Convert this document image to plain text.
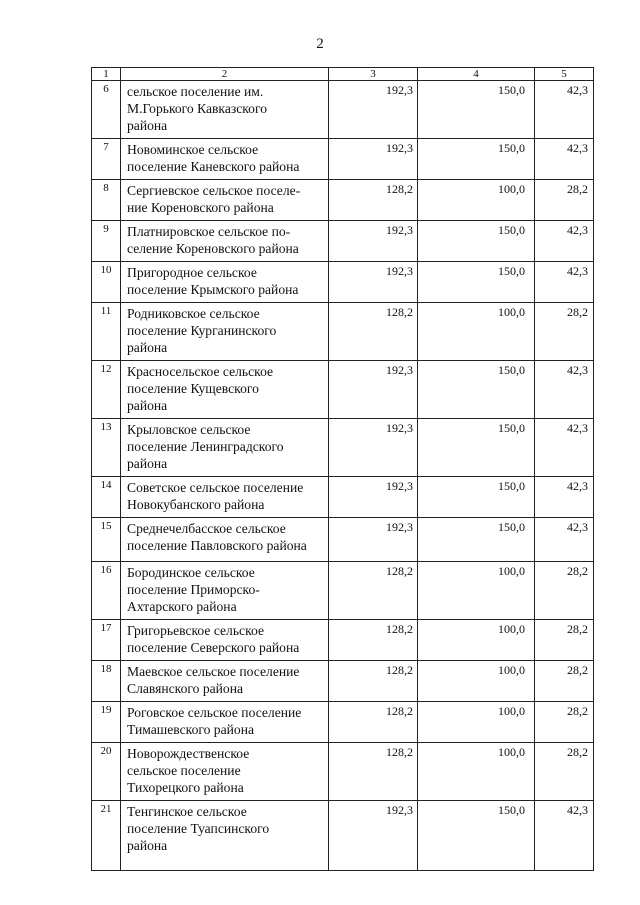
2
1	2	3	4	5
6	сельское поселение им.
М.Горького Кавказского
района	192,3	150,0	42,3
7	Новоминское сельское
поселение Каневского района	192,3	150,0	42,3
8	Сергиевское сельское поселе-
ние Кореновского района	128,2	100,0	28,2
9	Платнировское сельское по-
селение Кореновского района	192,3	150,0	42,3
10	Пригородное сельское
поселение Крымского района	192,3	150,0	42,3
11	Родниковское сельское
поселение Курганинского
района	128,2	100,0	28,2
12	Красносельское сельское
поселение Кущевского
района	192,3	150,0	42,3
13	Крыловское сельское
поселение Ленинградского
района	192,3	150,0	42,3
14	Советское сельское поселение
Новокубанского района	192,3	150,0	42,3
15	Среднечелбасское сельское
поселение Павловского района	192,3	150,0	42,3
16	Бородинское сельское
поселение Приморско-
Ахтарского района	128,2	100,0	28,2
17	Григорьевское сельское
поселение Северского района	128,2	100,0	28,2
18	Маевское сельское поселение
Славянского района	128,2	100,0	28,2
19	Роговское сельское поселение
Тимашевского района	128,2	100,0	28,2
20	Новорождественское
сельское поселение
Тихорецкого района	128,2	100,0	28,2
21	Тенгинское сельское
поселение Туапсинского
района	192,3	150,0	42,3
